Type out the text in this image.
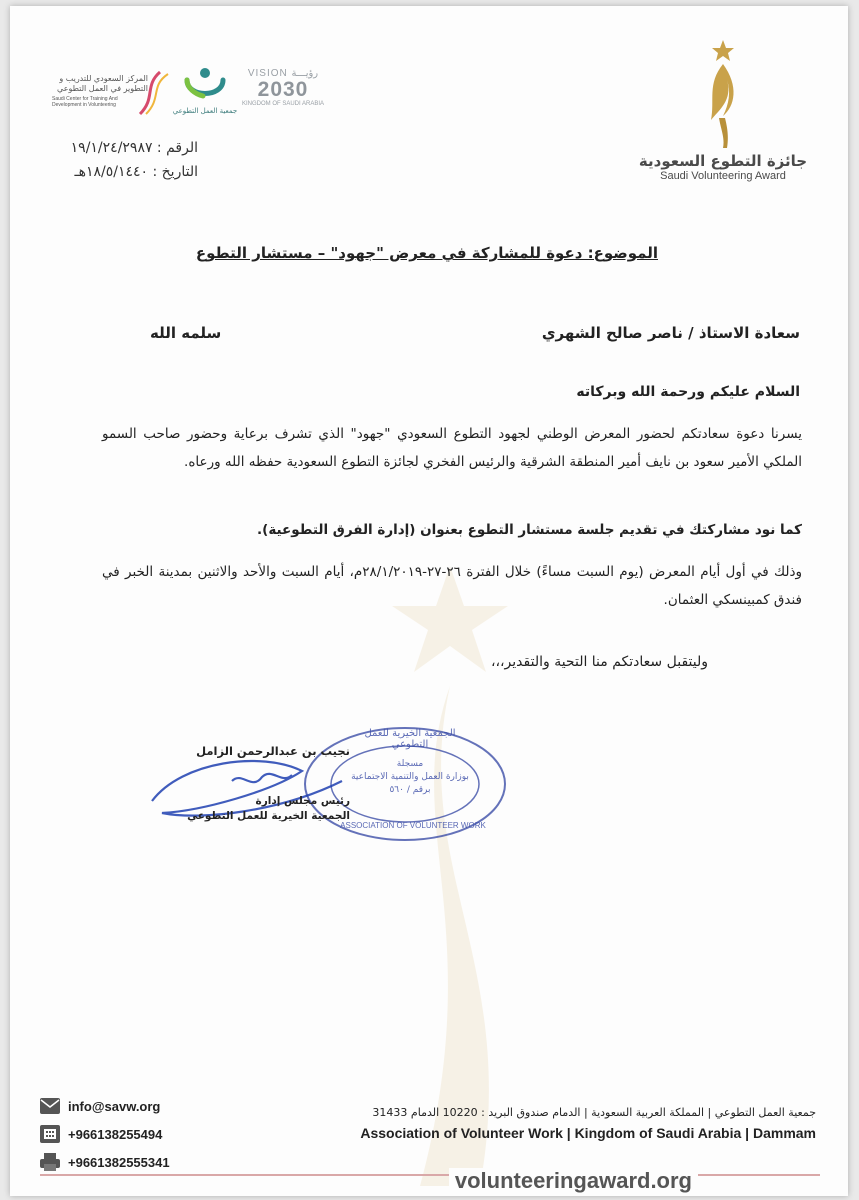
جائزة التطوع السعودية
Saudi Volunteering Award
VISION رؤيـــة
2030
KINGDOM OF SAUDI ARABIA
جمعية العمل التطوعي
المركز السعودي للتدريب و التطوير في العمل التطوعي
Saudi Center for Training And Development in Volunteering
الرقم : ١٩/١/٢٤/٢٩٨٧
التاريخ : ١٨/٥/١٤٤٠هـ
الموضوع: دعوة للمشاركة في معرض "جهود" – مستشار التطوع
سعادة الاستاذ / ناصر صالح الشهري
سلمه الله
السلام عليكم ورحمة الله وبركاته
يسرنا دعوة سعادتكم لحضور المعرض الوطني لجهود التطوع السعودي "جهود" الذي تشرف برعاية وحضور صاحب السمو الملكي الأمير سعود بن نايف أمير المنطقة الشرقية والرئيس الفخري لجائزة التطوع السعودية حفظه الله ورعاه.
كما نود مشاركتك في تقديم جلسة مستشار التطوع بعنوان (إدارة الفرق التطوعية).
وذلك في أول أيام المعرض (يوم السبت مساءً) خلال الفترة ٢٦-٢٧-٢٨/١/٢٠١٩م، أيام السبت والأحد والاثنين بمدينة الخبر في فندق كمبينسكي العثمان.
وليتقبل سعادتكم منا التحية والتقدير،،،
الجمعية الخيرية للعمل التطوعي
مسجلة
بوزارة العمل والتنمية الاجتماعية
برقم / ٥٦٠
ASSOCIATION OF VOLUNTEER WORK
نجيب بن عبدالرحمن الزامل
رئيس مجلس إدارة
الجمعية الخيرية للعمل التطوعي
info@savw.org
+966138255494
+9661382555341
جمعية العمل التطوعي | المملكة العربية السعودية | الدمام صندوق البريد : 10220 الدمام 31433
Association of Volunteer Work | Kingdom of Saudi Arabia | Dammam
volunteeringaward.org
